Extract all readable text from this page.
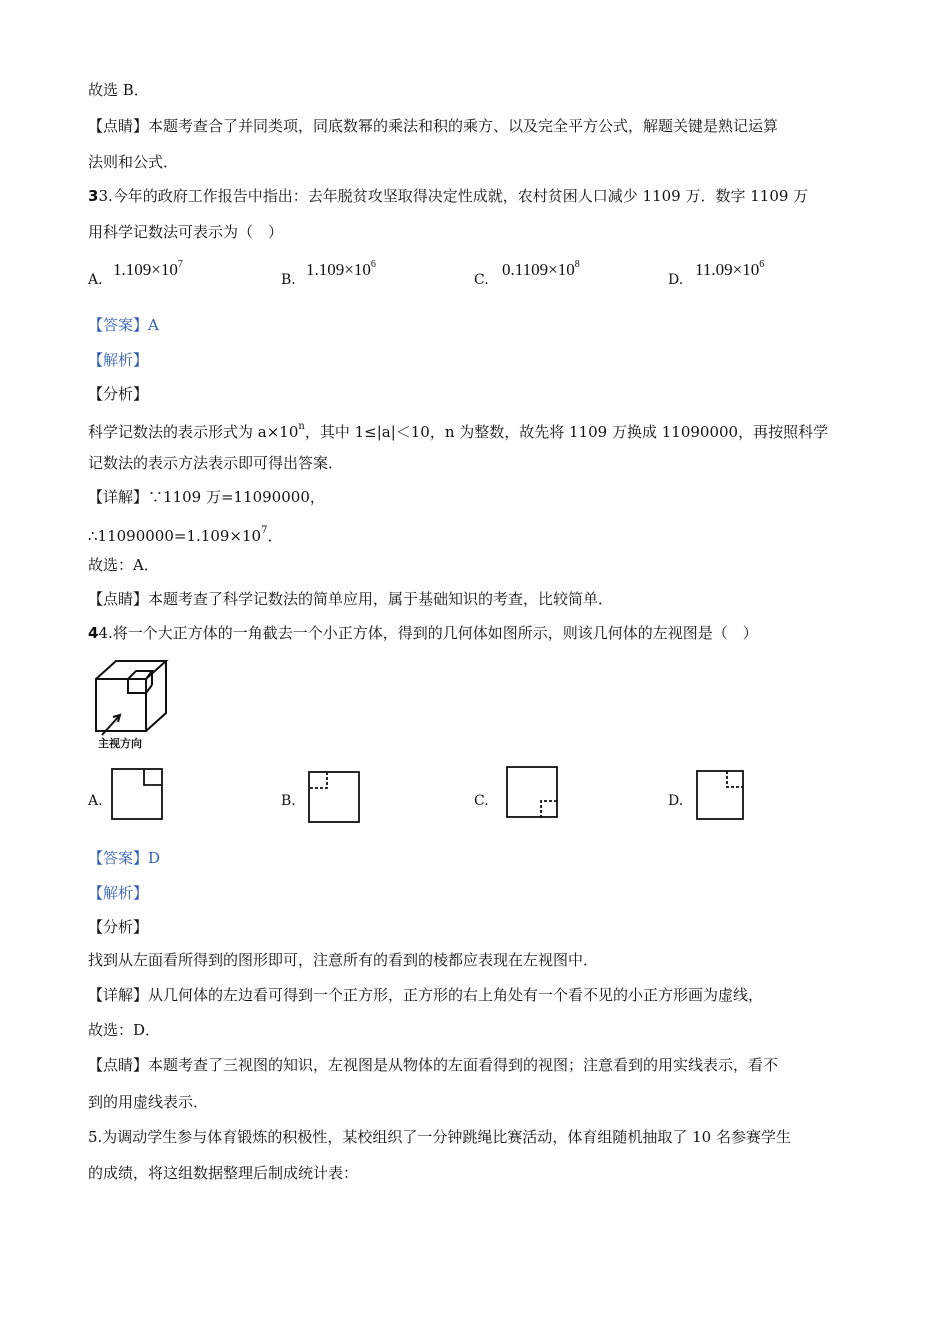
故选 B．
【点睛】本题考查合了并同类项，同底数幂的乘法和积的乘方、以及完全平方公式，解题关键是熟记运算
法则和公式．
33.今年的政府工作报告中指出：去年脱贫攻坚取得决定性成就，农村贫困人口减少 1109 万．数字 1109 万
用科学记数法可表示为（　）
A.
$1.109\times 10^7$
B.
$1.109\times 10^6$
C.
$0.1109\times 10^8$
D.
$11.09\times 10^6$
【答案】A
【解析】
【分析】
科学记数法的表示形式为 $a\times 10^n$，其中 1≤|a|＜10，n 为整数，故先将 1109 万换成 11090000，再按照科学
记数法的表示方法表示即可得出答案．
【详解】∵1109 万=11090000，
$\therefore 11090000=1.109\times 10^7$．
故选：A．
【点睛】本题考查了科学记数法的简单应用，属于基础知识的考查，比较简单．
44.将一个大正方体的一角截去一个小正方体，得到的几何体如图所示，则该几何体的左视图是（　）
主视方向
A.	B.	C.	D.
【答案】D
【解析】
【分析】
找到从左面看所得到的图形即可，注意所有的看到的棱都应表现在左视图中．
【详解】从几何体的左边看可得到一个正方形，正方形的右上角处有一个看不见的小正方形画为虚线，
故选：D．
【点睛】本题考查了三视图的知识，左视图是从物体的左面看得到的视图；注意看到的用实线表示，看不
到的用虚线表示．
5.为调动学生参与体育锻炼的积极性，某校组织了一分钟跳绳比赛活动，体育组随机抽取了 10 名参赛学生
的成绩，将这组数据整理后制成统计表：
